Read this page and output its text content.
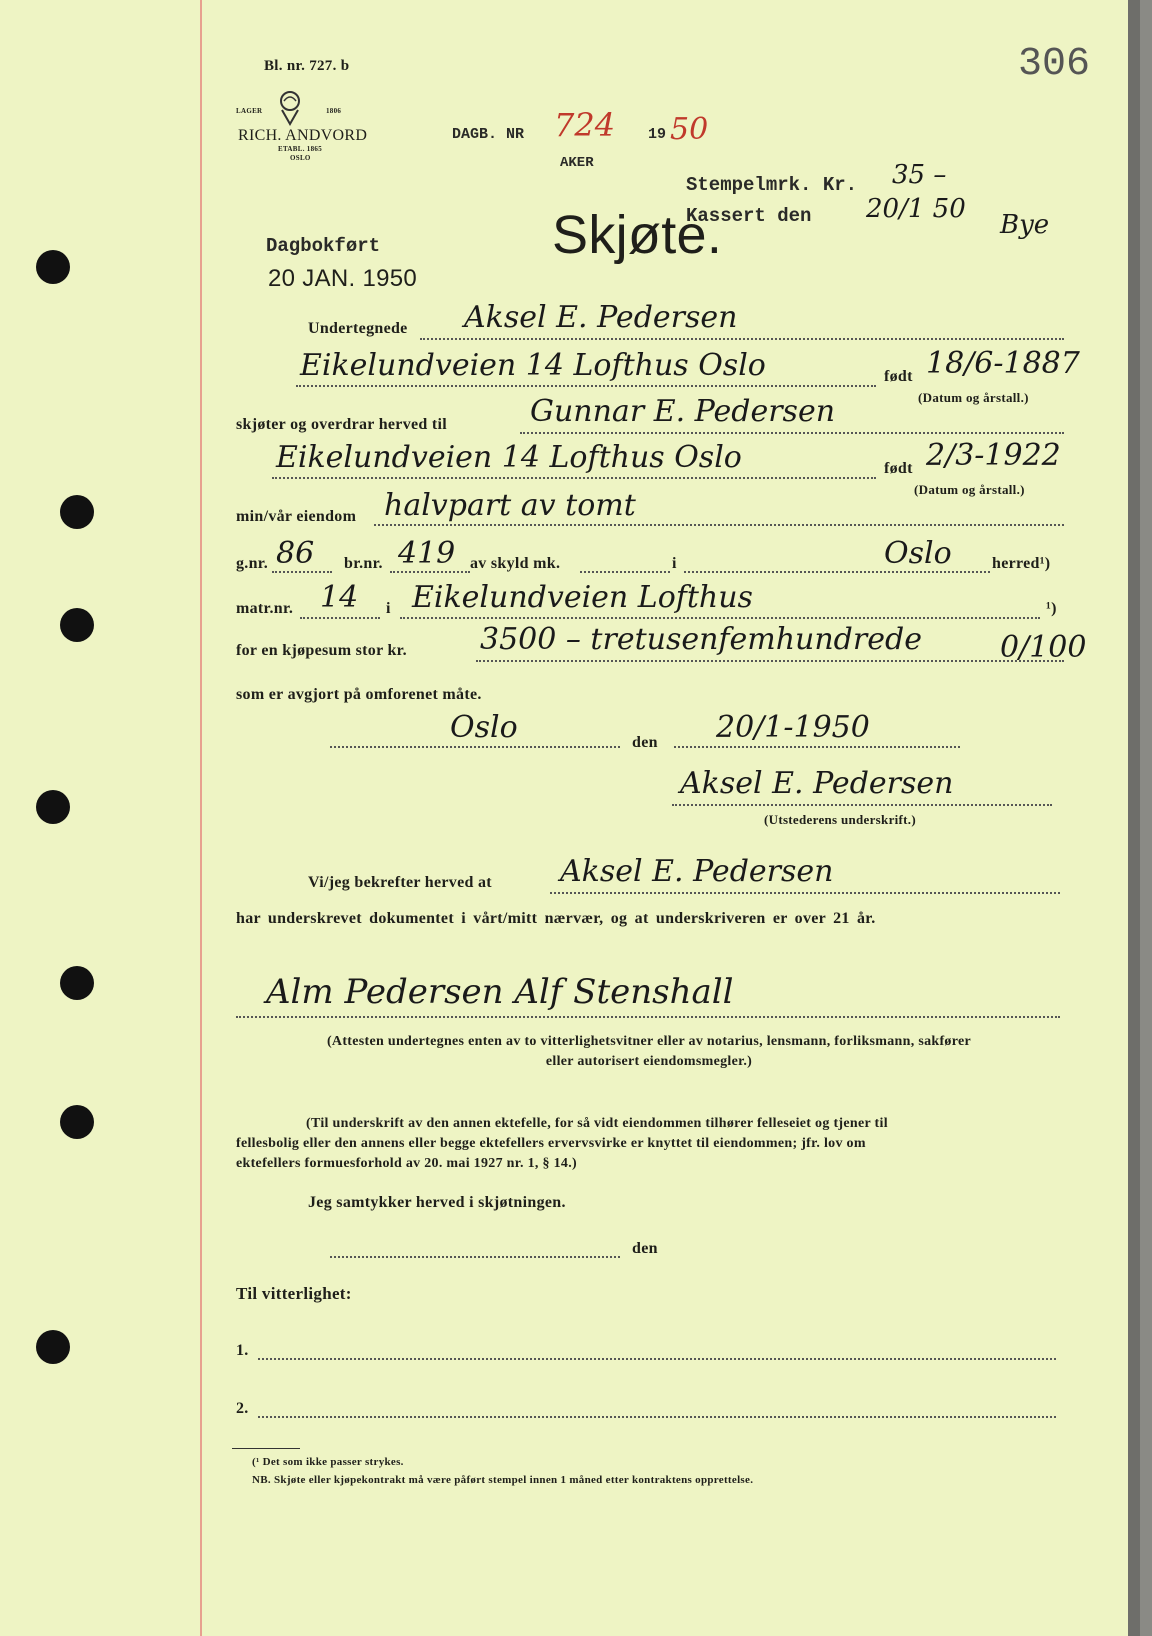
306
Bl. nr. 727. b
LAGER	1806
RICH. ANDVORD
ETABL. 1865
OSLO
DAGB. NR 724 19 50
AKER
Stempelmrk. Kr. 35 –
Kassert den 20/1 50
Bye
Dagbokført
20 JAN. 1950
Skjøte.
Undertegnede Aksel E. Pedersen
Eikelundveien 14 Lofthus Oslo	født 18/6-1887
(Datum og årstall.)
skjøter og overdrar herved til	Gunnar E. Pedersen
Eikelundveien 14 Lofthus Oslo	født 2/3-1922
(Datum og årstall.)
min/vår eiendom halvpart av tomt
g.nr. 86 br.nr. 419 av skyld mk.	i	Oslo	herred¹)
matr.nr. 14 i Eikelundveien Lofthus	¹)
for en kjøpesum stor kr. 3500 – tretusenfemhundrede	0/100
som er avgjort på omforenet måte.
Oslo	den 20/1-1950
Aksel E. Pedersen
(Utstederens underskrift.)
Vi/jeg bekrefter herved at Aksel E. Pedersen
har underskrevet dokumentet i vårt/mitt nærvær, og at underskriveren er over 21 år.
Alm Pedersen Alf Stenshall
(Attesten undertegnes enten av to vitterlighetsvitner eller av notarius, lensmann, forliksmann, sakfører
eller autorisert eiendomsmegler.)
(Til underskrift av den annen ektefelle, for så vidt eiendommen tilhører felleseiet og tjener til
fellesbolig eller den annens eller begge ektefellers ervervsvirke er knyttet til eiendommen; jfr. lov om
ektefellers formuesforhold av 20. mai 1927 nr. 1, § 14.)
Jeg samtykker herved i skjøtningen.
den
Til vitterlighet:
1.
2.
(¹ Det som ikke passer strykes.
NB. Skjøte eller kjøpekontrakt må være påført stempel innen 1 måned etter kontraktens opprettelse.
